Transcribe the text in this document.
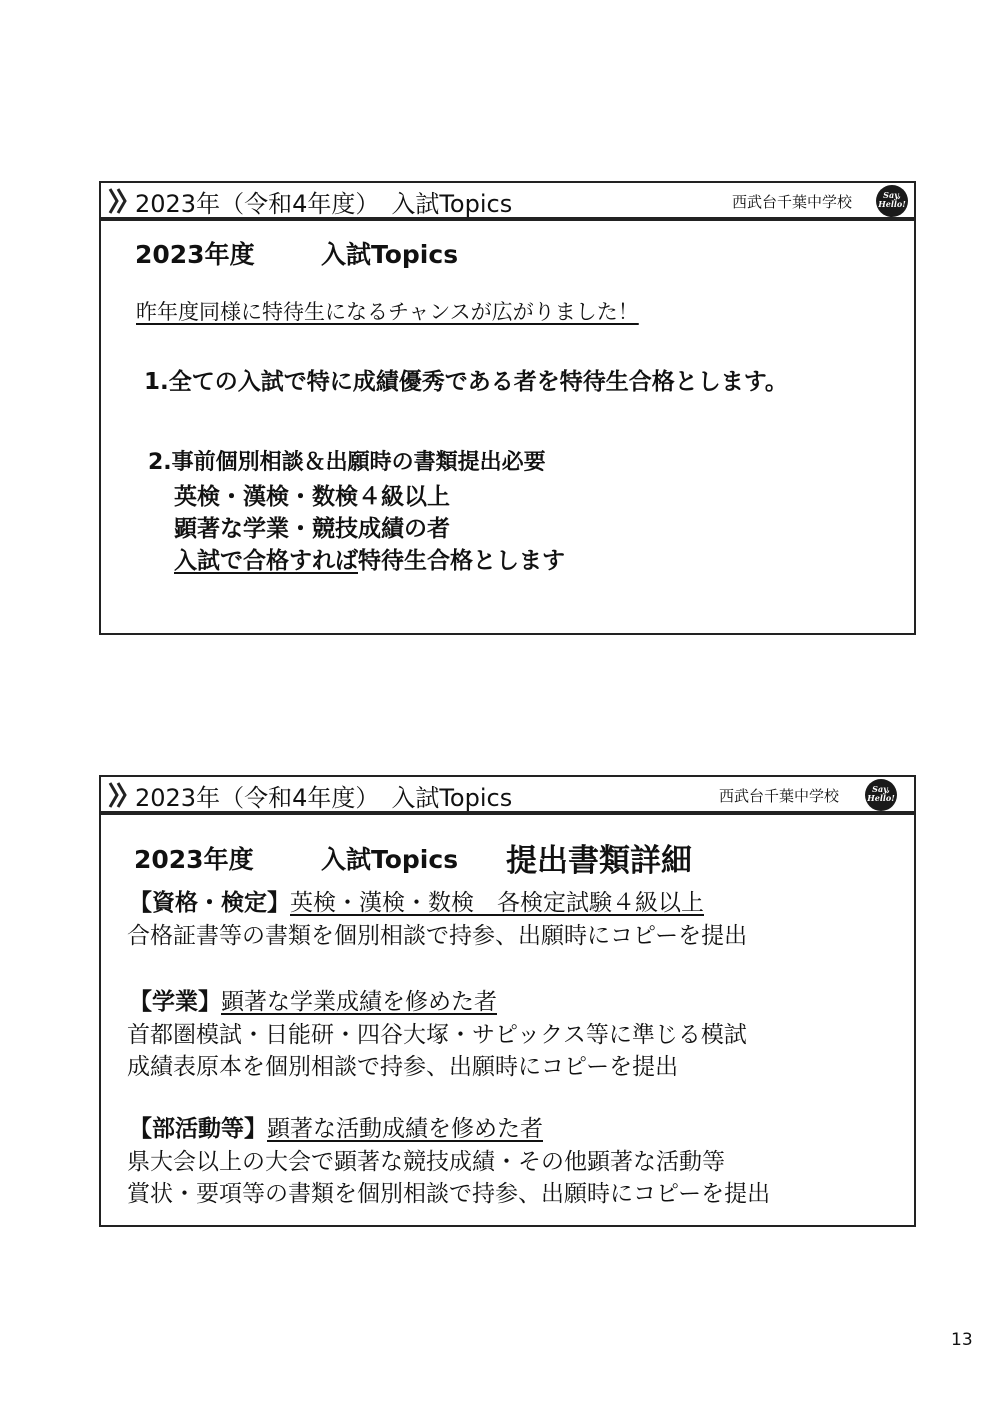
2023年（令和4年度）　入試Topics	西武台千葉中学校	Say,
Hello!
2023年度	入試Topics
昨年度同様に特待生になるチャンスが広がりました！
1.全ての入試で特に成績優秀である者を特待生合格とします。
2.事前個別相談＆出願時の書類提出必要
英検・漢検・数検４級以上
顕著な学業・競技成績の者
入試で合格すれば特待生合格とします
2023年（令和4年度）　入試Topics	西武台千葉中学校	Say,
Hello!
2023年度	入試Topics 提出書類詳細
【資格・検定】英検・漢検・数検　各検定試験４級以上
合格証書等の書類を個別相談で持参、出願時にコピーを提出
【学業】顕著な学業成績を修めた者
首都圏模試・日能研・四谷大塚・サピックス等に準じる模試
成績表原本を個別相談で持参、出願時にコピーを提出
【部活動等】顕著な活動成績を修めた者
県大会以上の大会で顕著な競技成績・その他顕著な活動等
賞状・要項等の書類を個別相談で持参、出願時にコピーを提出
13
